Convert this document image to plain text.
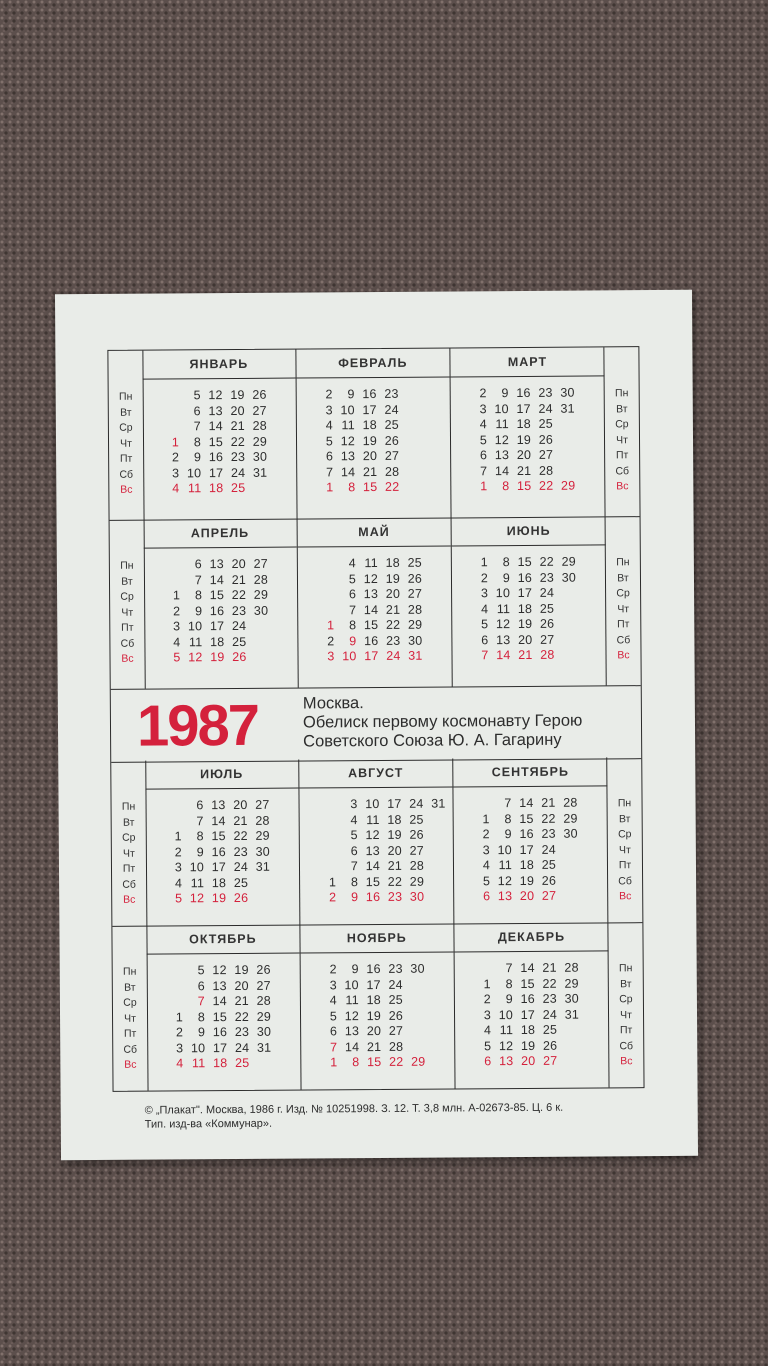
Пн
Вт
Ср
Чт
Пт
Сб
Вс
Пн
Вт
Ср
Чт
Пт
Сб
Вс
ЯНВАРЬ
5 12 19 26
6 13 20 27
7 14 21 28
1 8 15 22 29
2 9 16 23 30
3 10 17 24 31
4 11 18 25
ФЕВРАЛЬ
2 9 16 23
3 10 17 24
4 11 18 25
5 12 19 26
6 13 20 27
7 14 21 28
1 8 15 22
МАРТ
2 9 16 23 30
3 10 17 24 31
4 11 18 25
5 12 19 26
6 13 20 27
7 14 21 28
1 8 15 22 29
Пн
Вт
Ср
Чт
Пт
Сб
Вс
Пн
Вт
Ср
Чт
Пт
Сб
Вс
АПРЕЛЬ
6 13 20 27
7 14 21 28
1 8 15 22 29
2 9 16 23 30
3 10 17 24
4 11 18 25
5 12 19 26
МАЙ
4 11 18 25
5 12 19 26
6 13 20 27
7 14 21 28
1 8 15 22 29
2 9 16 23 30
3 10 17 24 31
ИЮНЬ
1 8 15 22 29
2 9 16 23 30
3 10 17 24
4 11 18 25
5 12 19 26
6 13 20 27
7 14 21 28
1987	Москва.
Обелиск первому космонавту Герою
Советского Союза Ю. А. Гагарину
Пн
Вт
Ср
Чт
Пт
Сб
Вс
Пн
Вт
Ср
Чт
Пт
Сб
Вс
ИЮЛЬ
6 13 20 27
7 14 21 28
1 8 15 22 29
2 9 16 23 30
3 10 17 24 31
4 11 18 25
5 12 19 26
АВГУСТ
3 10 17 24 31
4 11 18 25
5 12 19 26
6 13 20 27
7 14 21 28
1 8 15 22 29
2 9 16 23 30
СЕНТЯБРЬ
7 14 21 28
1 8 15 22 29
2 9 16 23 30
3 10 17 24
4 11 18 25
5 12 19 26
6 13 20 27
Пн
Вт
Ср
Чт
Пт
Сб
Вс
Пн
Вт
Ср
Чт
Пт
Сб
Вс
ОКТЯБРЬ
5 12 19 26
6 13 20 27
7 14 21 28
1 8 15 22 29
2 9 16 23 30
3 10 17 24 31
4 11 18 25
НОЯБРЬ
2 9 16 23 30
3 10 17 24
4 11 18 25
5 12 19 26
6 13 20 27
7 14 21 28
1 8 15 22 29
ДЕКАБРЬ
7 14 21 28
1 8 15 22 29
2 9 16 23 30
3 10 17 24 31
4 11 18 25
5 12 19 26
6 13 20 27
© „Плакат". Москва, 1986 г. Изд. № 10251998. З. 12. Т. 3,8 млн. А-02673-85. Ц. 6 к.
Тип. изд-ва «Коммунар».
